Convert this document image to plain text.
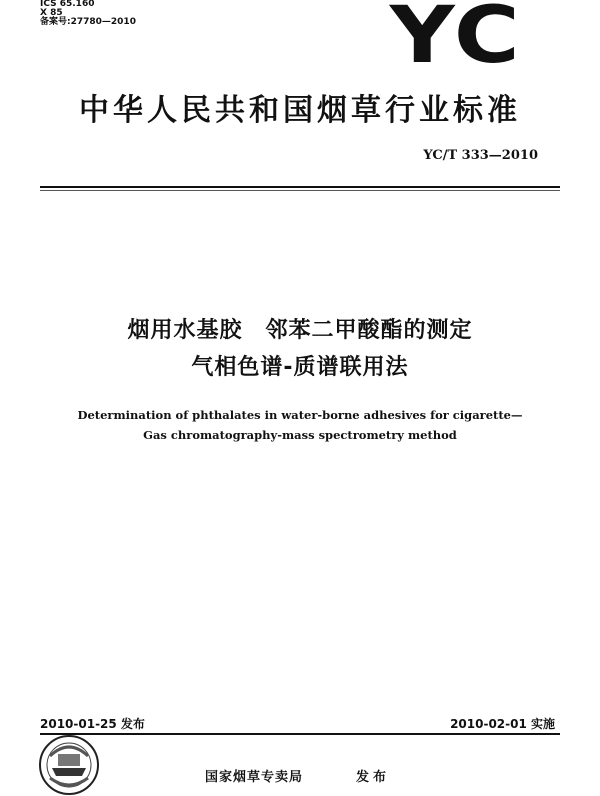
ICS 65.160
X 85
备案号:27780—2010	YC
中华人民共和国烟草行业标准
YC/T 333—2010
烟用水基胶　邻苯二甲酸酯的测定
气相色谱-质谱联用法
Determination of phthalates in water-borne adhesives for cigarette—
Gas chromatography-mass spectrometry method
2010-01-25 发布	2010-02-01 实施
国家烟草专卖局	发布
